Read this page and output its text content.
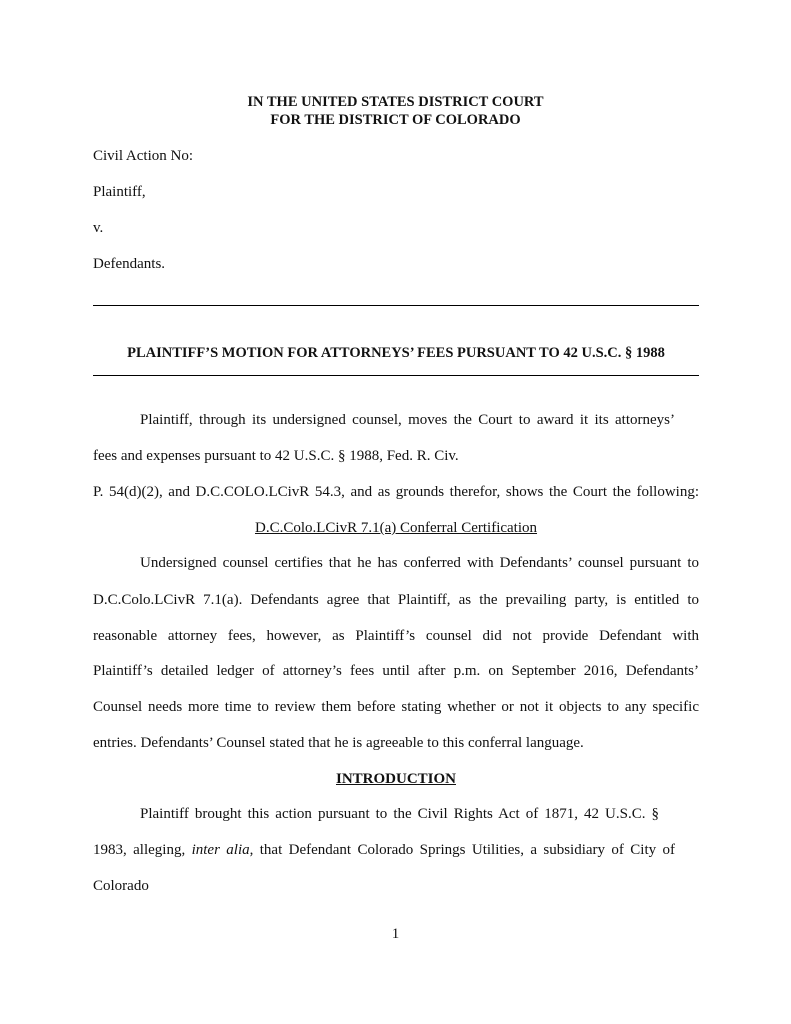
IN THE UNITED STATES DISTRICT COURT
FOR THE DISTRICT OF COLORADO

Civil Action No:

Plaintiff,

v.

Defendants.

PLAINTIFF’S MOTION FOR ATTORNEYS’ FEES PURSUANT TO 42 U.S.C. § 1988

Plaintiff, through its undersigned counsel, moves the Court to award it its attorneys’

fees and expenses pursuant to 42 U.S.C. § 1988, Fed. R. Civ.

P. 54(d)(2), and D.C.COLO.LCivR 54.3, and as grounds therefor, shows the Court the following:

D.C.Colo.LCivR 7.1(a) Conferral Certification

Undersigned counsel certifies that he has conferred with Defendants’ counsel pursuant to

D.C.Colo.LCivR 7.1(a). Defendants agree that Plaintiff, as the prevailing party, is entitled to

reasonable attorney fees, however, as Plaintiff’s counsel did not provide Defendant with

Plaintiff’s detailed ledger of attorney’s fees until after p.m. on September 2016, Defendants’

Counsel needs more time to review them before stating whether or not it objects to any specific

entries. Defendants’ Counsel stated that he is agreeable to this conferral language.

INTRODUCTION

Plaintiff brought this action pursuant to the Civil Rights Act of 1871, 42 U.S.C. §

1983, alleging, inter alia, that Defendant Colorado Springs Utilities, a subsidiary of City of

Colorado

1
